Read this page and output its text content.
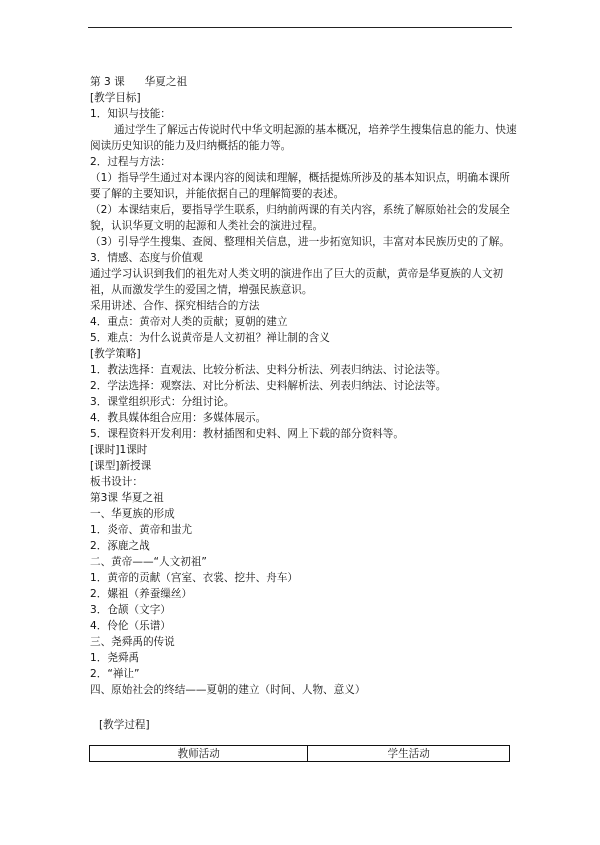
第 3 课 华夏之祖
[教学目标]
1．知识与技能：
通过学生了解远古传说时代中华文明起源的基本概况，培养学生搜集信息的能力、快速
阅读历史知识的能力及归纳概括的能力等。
2．过程与方法：
（1）指导学生通过对本课内容的阅读和理解，概括提炼所涉及的基本知识点，明确本课所
要了解的主要知识，并能依据自己的理解简要的表述。
（2）本课结束后，要指导学生联系，归纳前两课的有关内容，系统了解原始社会的发展全
貌，认识华夏文明的起源和人类社会的演进过程。
（3）引导学生搜集、查阅、整理相关信息，进一步拓宽知识，丰富对本民族历史的了解。
3．情感、态度与价值观
通过学习认识到我们的祖先对人类文明的演进作出了巨大的贡献，黄帝是华夏族的人文初
祖，从而激发学生的爱国之情，增强民族意识。
采用讲述、合作、探究相结合的方法
4．重点：黄帝对人类的贡献；夏朝的建立
5．难点：为什么说黄帝是人文初祖？禅让制的含义
[教学策略]
1．教法选择：直观法、比较分析法、史料分析法、列表归纳法、讨论法等。
2．学法选择：观察法、对比分析法、史料解析法、列表归纳法、讨论法等。
3．课堂组织形式：分组讨论。
4．教具媒体组合应用：多媒体展示。
5．课程资料开发利用：教材插图和史料、网上下载的部分资料等。
[课时]1课时
[课型]新授课
板书设计：
第3课 华夏之祖
一、华夏族的形成
1．炎帝、黄帝和蚩尤
2．涿鹿之战
二、黄帝——“人文初祖”
1．黄帝的贡献（宫室、衣裳、挖井、舟车）
2．嫘祖（养蚕缫丝）
3．仓颉（文字）
4．伶伦（乐谱）
三、尧舜禹的传说
1．尧舜禹
2．“禅让”
四、原始社会的终结——夏朝的建立（时间、人物、意义）
[教学过程]
教师活动	学生活动
